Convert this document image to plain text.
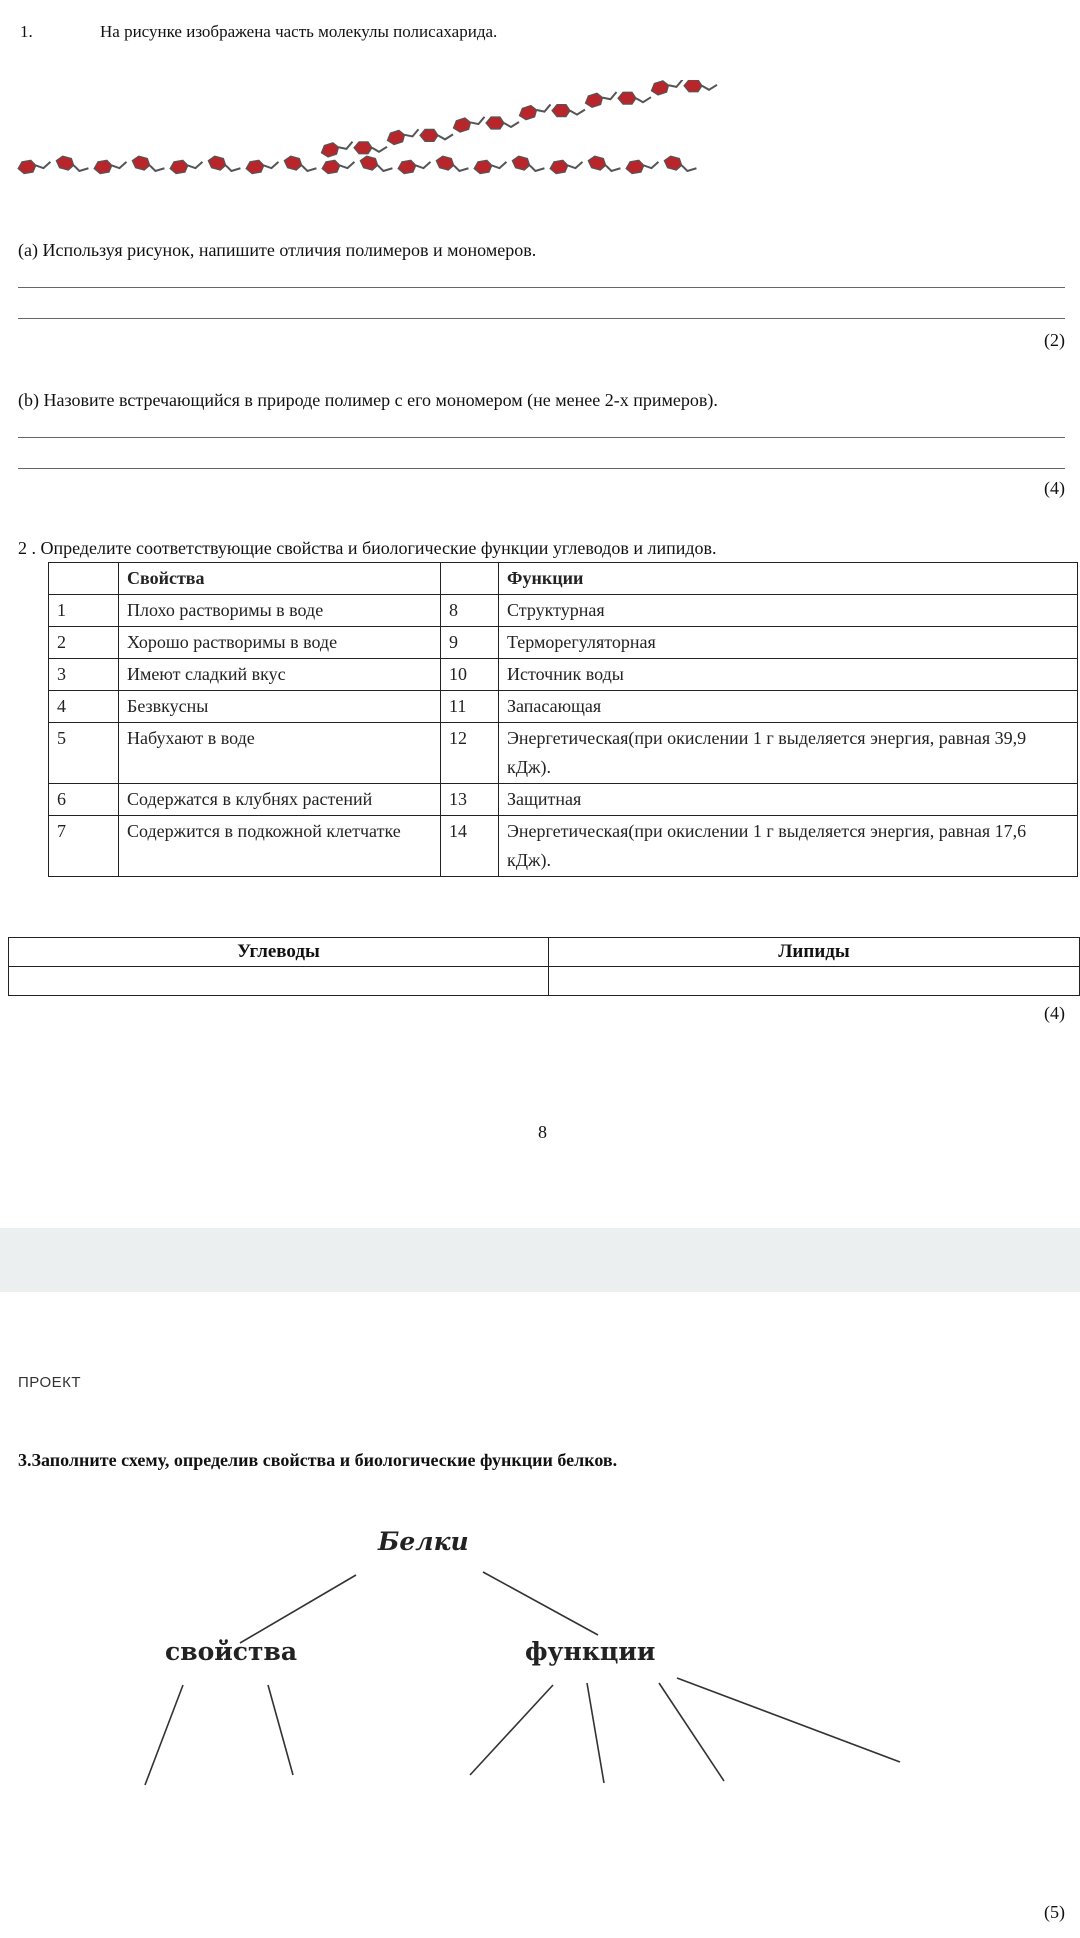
1.	На рисунке изображена часть молекулы полисахарида.
(а) Используя рисунок, напишите отличия полимеров и мономеров.
(2)
(b) Назовите встречающийся в природе полимер с его мономером (не менее 2-х примеров).
(4)
2 . Определите соответствующие свойства и биологические функции углеводов и липидов.
	Свойства		Функции
1	Плохо растворимы в воде	8	Структурная
2	Хорошо растворимы в воде	9	Терморегуляторная
3	Имеют сладкий вкус	10	Источник воды
4	Безвкусны	11	Запасающая
5	Набухают в воде	12	Энергетическая(при окислении 1 г выделяется энергия, равная 39,9 кДж).
6	Содержатся в клубнях растений	13	Защитная
7	Содержится в подкожной клетчатке	14	Энергетическая(при окислении 1 г выделяется энергия, равная 17,6 кДж).
Углеводы	Липиды

(4)
8
ПРОЕКТ
3.Заполните схему, определив свойства и биологические функции белков.
Белки
свойства	функции
(5)
